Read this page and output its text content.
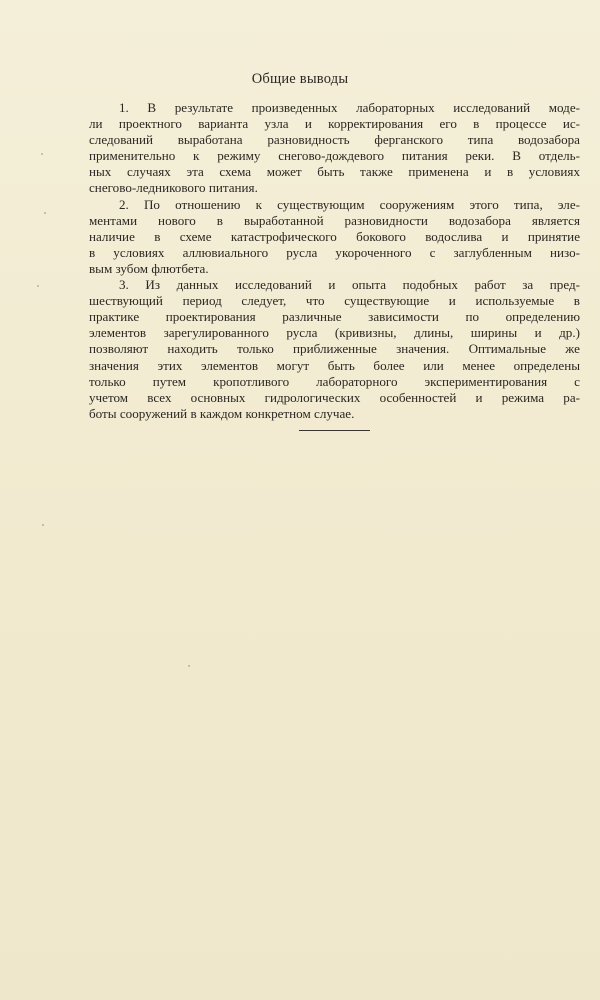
Общие выводы

1. В результате произведенных лабораторных исследований моде-
ли проектного варианта узла и корректирования его в процессе ис-
следований выработана разновидность ферганского типа водозабора
применительно к режиму снегово-дождевого питания реки. В отдель-
ных случаях эта схема может быть также применена и в условиях
снегово-ледникового питания.

2. По отношению к существующим сооружениям этого типа, эле-
ментами нового в выработанной разновидности водозабора является
наличие в схеме катастрофического бокового водослива и принятие
в условиях аллювиального русла укороченного с заглубленным низо-
вым зубом флютбета.

3. Из данных исследований и опыта подобных работ за пред-
шествующий период следует, что существующие и используемые в
практике проектирования различные зависимости по определению
элементов зарегулированного русла (кривизны, длины, ширины и др.)
позволяют находить только приближенные значения. Оптимальные же
значения этих элементов могут быть более или менее определены
только путем кропотливого лабораторного экспериментирования с
учетом всех основных гидрологических особенностей и режима ра-
боты сооружений в каждом конкретном случае.
